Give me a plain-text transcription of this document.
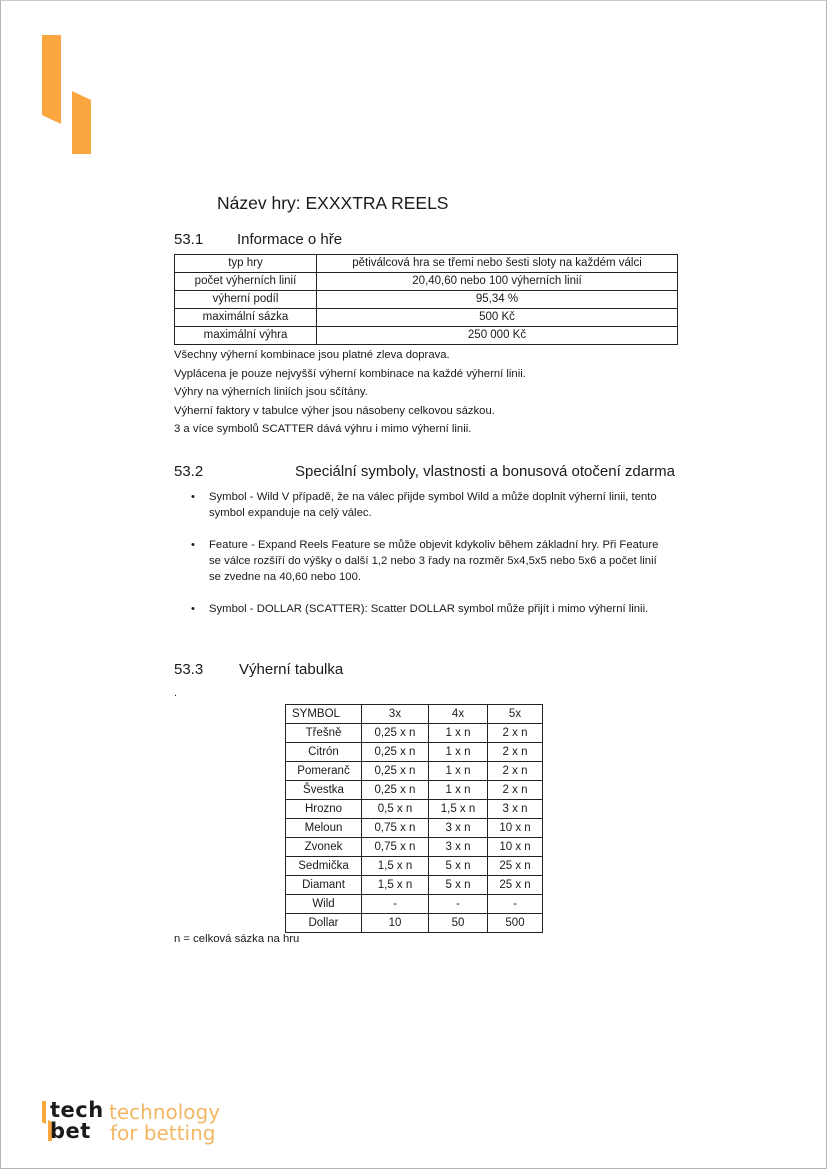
Název hry: EXXXTRA REELS
53.1 Informace o hře
typ hry	pětiválcová hra se třemi nebo šesti sloty na každém válci
počet výherních linií	20,40,60 nebo 100 výherních linií
výherní podíl	95,34 %
maximální sázka	500 Kč
maximální výhra	250 000 Kč
Všechny výherní kombinace jsou platné zleva doprava.
Vyplácena je pouze nejvyšší výherní kombinace na každé výherní linii.
Výhry na výherních liniích jsou sčítány.
Výherní faktory v tabulce výher jsou násobeny celkovou sázkou.
3 a více symbolů SCATTER dává výhru i mimo výherní linii.
53.2	Speciální symboly, vlastnosti a bonusová otočení zdarma
• Symbol - Wild V případě, že na válec přijde symbol Wild a může doplnit výherní linii, tento symbol expanduje na celý válec.
• Feature - Expand Reels Feature se může objevit kdykoliv během základní hry. Při Feature se válce rozšíří do výšky o další 1,2 nebo 3 řady na rozměr 5x4,5x5 nebo 5x6 a počet linií se zvedne na 40,60 nebo 100.
• Symbol - DOLLAR (SCATTER): Scatter DOLLAR symbol může přijít i mimo výherní linii.
53.3 Výherní tabulka
.
SYMBOL	3x	4x	5x
Třešně	0,25 x n	1 x n	2 x n
Citrón	0,25 x n	1 x n	2 x n
Pomeranč	0,25 x n	1 x n	2 x n
Švestka	0,25 x n	1 x n	2 x n
Hrozno	0,5 x n	1,5 x n	3 x n
Meloun	0,75 x n	3 x n	10 x n
Zvonek	0,75 x n	3 x n	10 x n
Sedmička	1,5 x n	5 x n	25 x n
Diamant	1,5 x n	5 x n	25 x n
Wild	-	-	-
Dollar	10	50	500
n = celková sázka na hru
tech
bet
technology
for betting
